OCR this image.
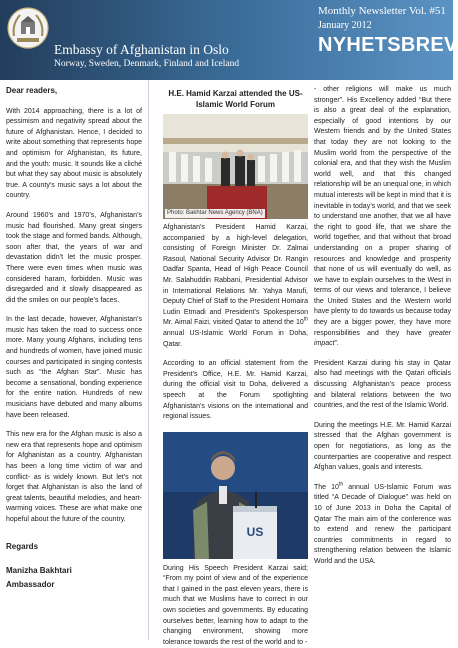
Embassy of Afghanistan in Oslo
Norway, Sweden, Denmark, Finland and Iceland
Monthly Newsletter Vol. #51
January 2012
NYHETSBREV

Dear readers,

With 2014 approaching, there is a lot of pessimism and negativity spread about the future of Afghanistan. Hence, I decided to write about something that represents hope and optimism for Afghanistan, its future, and the youth: music. It sounds like a cliché but what they say about music is absolutely true. A county’s music says a lot about the country.

Around 1960’s and 1970’s, Afghanistan’s music had flourished. Many great singers took the stage and formed bands. Although, soon after that, the years of war and devastation didn’t let the music prosper. There were even times when music was considered haram, forbidden. Music was disregarded and it slowly disappeared as did the smiles on our people’s faces.

In the last decade, however, Afghanistan’s music has taken the road to success once more. Many young Afghans, including tens and hundreds of women, have joined music courses and participated in singing contests such as “the Afghan Star”. Music has become a sensational, bonding experience for the entire nation. Hundreds of new musicians have debuted and many albums have been released.

This new era for the Afghan music is also a new era that represents hope and optimism for Afghanistan as a country. Afghanistan has been a long time victim of war and conflict- as is widely known. But let’s not forget that Afghanistan is also the land of great talents, beautiful melodies, and heart-warming voices. These are what make one hopeful about the future of the country.

Regards

Manizha Bakhtari

Ambassador

H.E. Hamid Karzai attended the US-Islamic World Forum

Photo: Bakhtar News Agency (BNA)

Afghanistan’s President Hamid Karzai, accompanied by a high-level delegation, consisting of Foreign Minister Dr. Zalmai Rasoul, National Security Advisor Dr. Rangin Dadfar Spanta, Head of High Peace Council Mr. Salahuddin Rabbani, Presidential Advisor in International Relations Mr. Yahya Marufi, Deputy Chief of Staff to the President Homaira Ludin Etmadi and President’s Spokesperson Mr. Aimal Faizi, visited Qatar to attend the 10th annual US-Islamic World Forum in Doha, Qatar.

According to an official statement from the President’s Office, H.E. Mr. Hamid Karzai, during the official visit to Doha, delivered a speech at the Forum spotlighting Afghanistan’s visions on the international and regional issues.

US

During His Speech President Karzai said; “From my point of view and of the experience that I gained in the past eleven years, there is much that we Muslims have to correct in our own societies and governments. By educating ourselves better, learning how to adapt to the changing environment, showing more tolerance towards the rest of the world and to -

- other religions will make us much stronger”. His Excellency added “But there is also a great deal of the explanation, especially of good intentions by our Western friends and by the United States that today they are not looking to the Muslim world from the perspective of the colonial era, and that they wish the Muslim world well, and that this changed relationship will be an unequal one, in which mutual interests will be kept in mind that it is inevitable in today’s world, and that we seek to understand one another, that we all have the right to good life, that we share the world together, and that without that broad understanding on a proper sharing of resources and knowledge and prosperity that none of us will eventually do well, as we have to explain ourselves to the West in terms of our views and tolerance, I believe the United States and the Western world have plenty to do towards us because today they are a bigger power, they have more responsibilities and they have greater impact”.

President Karzai during his stay in Qatar also had meetings with the Qatari officials discussing Afghanistan’s peace process and bilateral relations between the two countries, and the rest of the Islamic World.

During the meetings H.E. Mr. Hamid Karzai stressed that the Afghan government is open for negotiations, as long as the counterparties are cooperative and respect Afghan values, goals and interests.

The 10th annual US-Islamic Forum was titled “A Decade of Dialogue” was held on 10 of June 2013 in Doha the Capital of Qatar The main aim of the conference was to extend and renew the participant countries commitments in regard to strengthening relation between the Islamic World and the USA.
